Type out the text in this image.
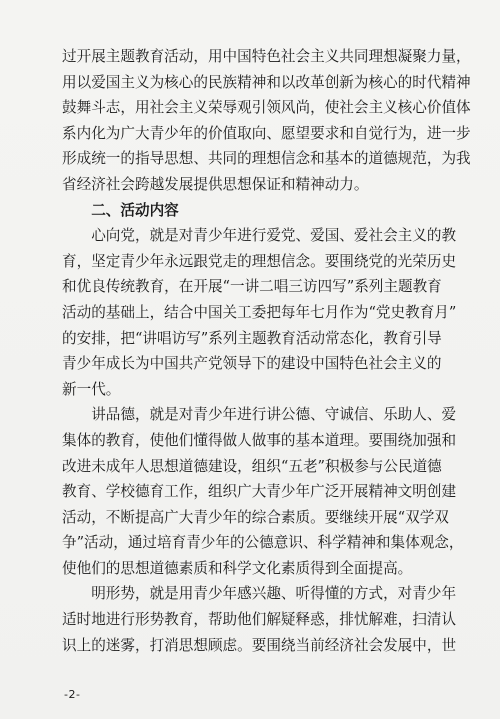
过开展主题教育活动，用中国特色社会主义共同理想凝聚力量，
用以爱国主义为核心的民族精神和以改革创新为核心的时代精神
鼓舞斗志，用社会主义荣辱观引领风尚，使社会主义核心价值体
系内化为广大青少年的价值取向、愿望要求和自觉行为，进一步
形成统一的指导思想、共同的理想信念和基本的道德规范，为我
省经济社会跨越发展提供思想保证和精神动力。
二、活动内容
心向党，就是对青少年进行爱党、爱国、爱社会主义的教
育，坚定青少年永远跟党走的理想信念。要围绕党的光荣历史
和优良传统教育，在开展“一讲二唱三访四写”系列主题教育
活动的基础上，结合中国关工委把每年七月作为“党史教育月”
的安排，把“讲唱访写”系列主题教育活动常态化，教育引导
青少年成长为中国共产党领导下的建设中国特色社会主义的
新一代。
讲品德，就是对青少年进行讲公德、守诚信、乐助人、爱
集体的教育，使他们懂得做人做事的基本道理。要围绕加强和
改进未成年人思想道德建设，组织“五老”积极参与公民道德
教育、学校德育工作，组织广大青少年广泛开展精神文明创建
活动，不断提高广大青少年的综合素质。要继续开展“双学双
争”活动，通过培育青少年的公德意识、科学精神和集体观念，
使他们的思想道德素质和科学文化素质得到全面提高。
明形势，就是用青少年感兴趣、听得懂的方式，对青少年
适时地进行形势教育，帮助他们解疑释惑，排忧解难，扫清认
识上的迷雾，打消思想顾虑。要围绕当前经济社会发展中，世
-2-
